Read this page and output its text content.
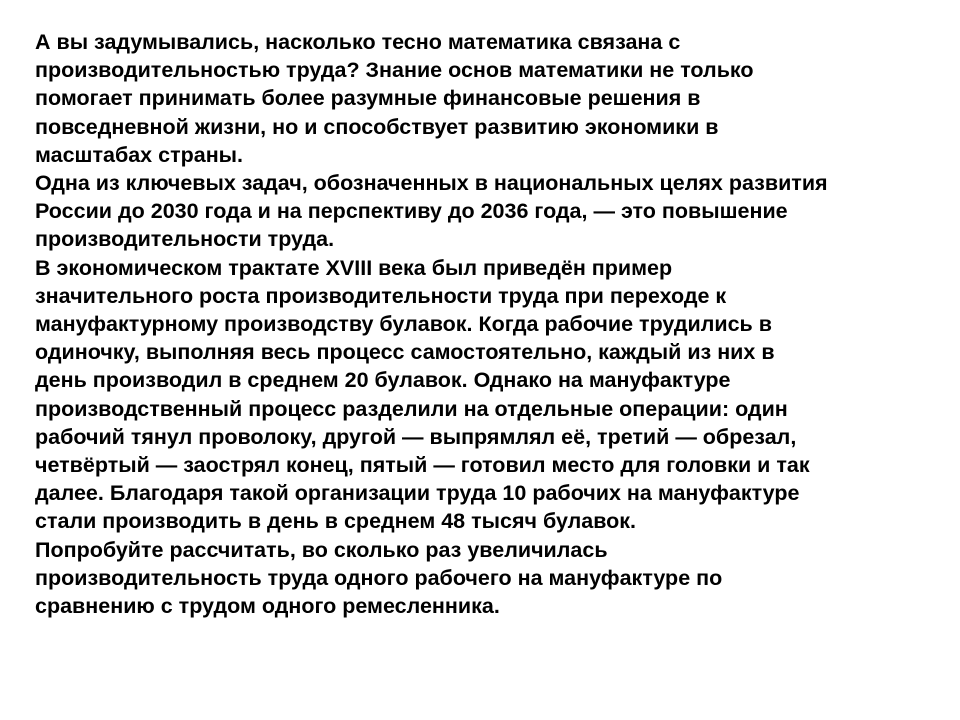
А вы задумывались, насколько тесно математика связана с
производительностью труда? Знание основ математики не только
помогает принимать более разумные финансовые решения в
повседневной жизни, но и способствует развитию экономики в
масштабах страны.
Одна из ключевых задач, обозначенных в национальных целях развития
России до 2030 года и на перспективу до 2036 года, — это повышение
производительности труда.
В экономическом трактате XVIII века был приведён пример
значительного роста производительности труда при переходе к
мануфактурному производству булавок. Когда рабочие трудились в
одиночку, выполняя весь процесс самостоятельно, каждый из них в
день производил в среднем 20 булавок. Однако на мануфактуре
производственный процесс разделили на отдельные операции: один
рабочий тянул проволоку, другой — выпрямлял её, третий — обрезал,
четвёртый — заострял конец, пятый — готовил место для головки и так
далее. Благодаря такой организации труда 10 рабочих на мануфактуре
стали производить в день в среднем 48 тысяч булавок.
Попробуйте рассчитать, во сколько раз увеличилась
производительность труда одного рабочего на мануфактуре по
сравнению с трудом одного ремесленника.
